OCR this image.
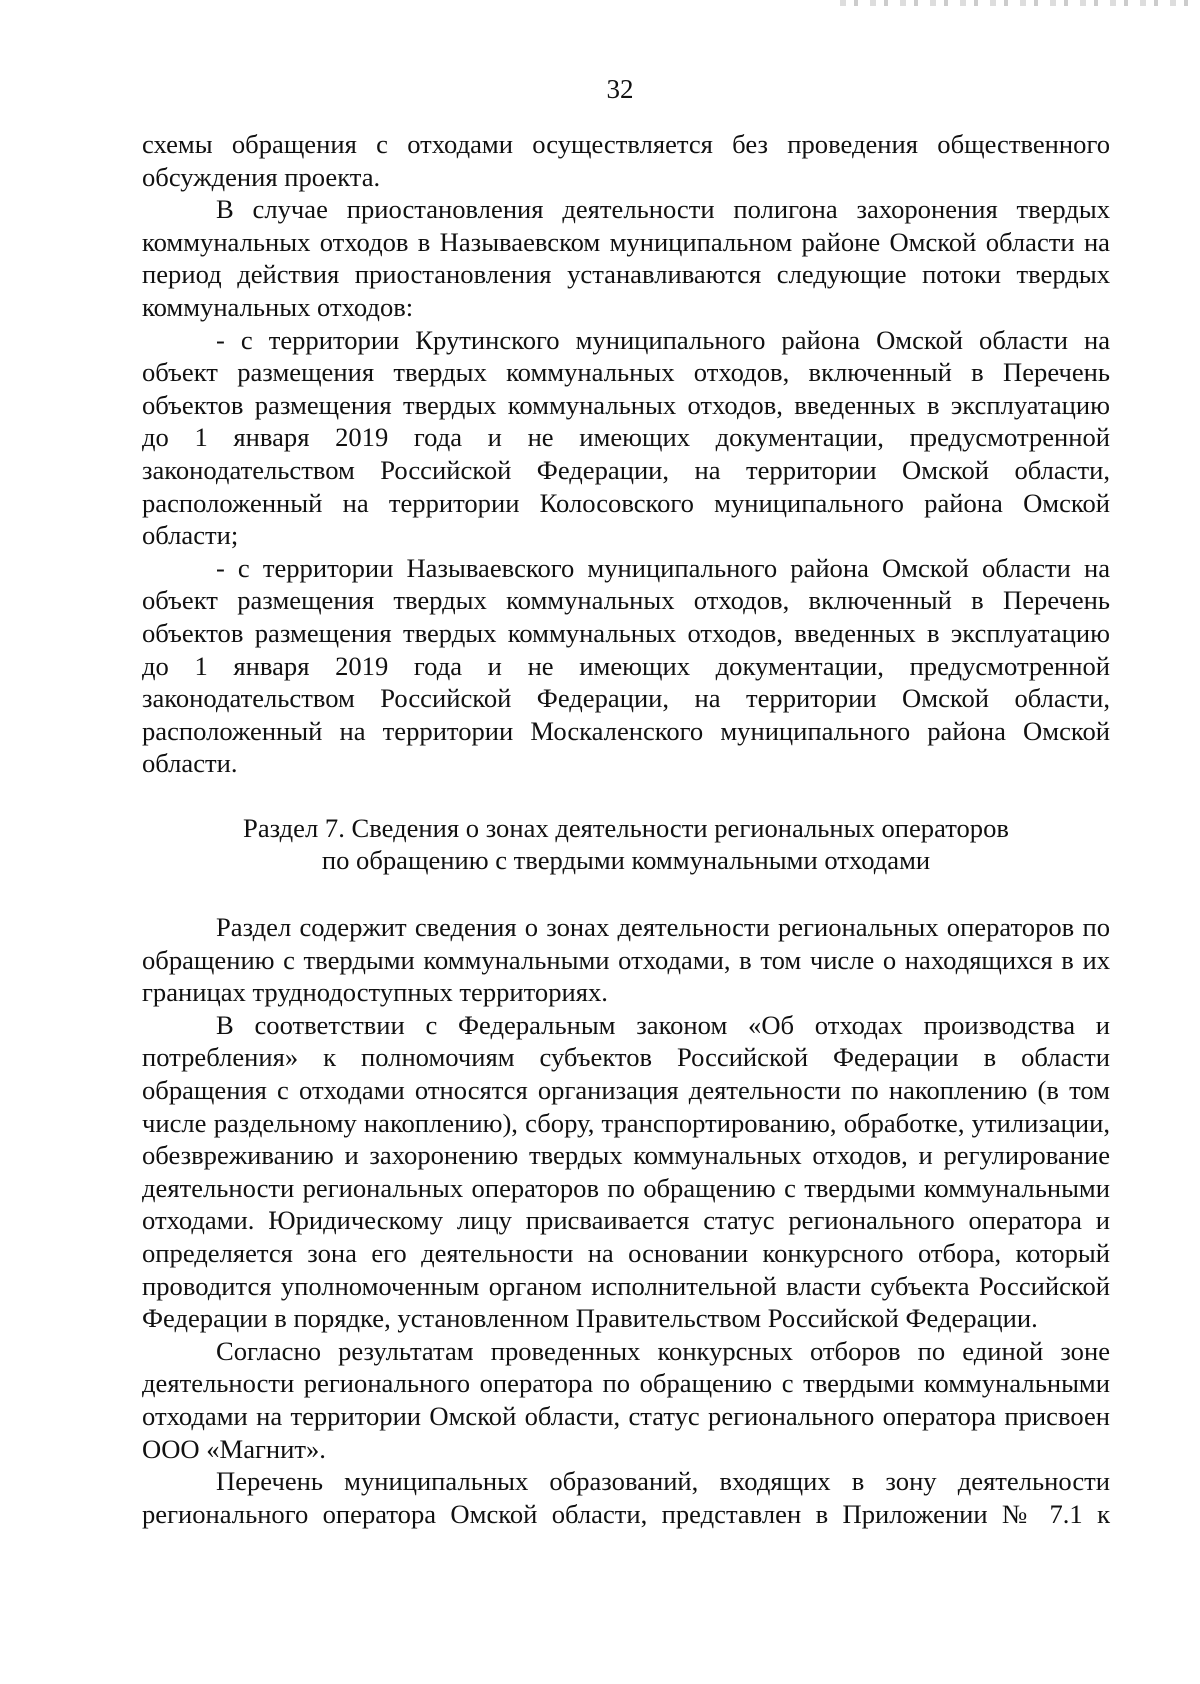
32

схемы обращения с отходами осуществляется без проведения общественного обсуждения проекта.

В случае приостановления деятельности полигона захоронения твердых коммунальных отходов в Называевском муниципальном районе Омской области на период действия приостановления устанавливаются следующие потоки твердых коммунальных отходов:

- с территории Крутинского муниципального района Омской области на объект размещения твердых коммунальных отходов, включенный в Перечень объектов размещения твердых коммунальных отходов, введенных в эксплуатацию до 1 января 2019 года и не имеющих документации, предусмотренной законодательством Российской Федерации, на территории Омской области, расположенный на территории Колосовского муниципального района Омской области;

- с территории Называевского муниципального района Омской области на объект размещения твердых коммунальных отходов, включенный в Перечень объектов размещения твердых коммунальных отходов, введенных в эксплуатацию до 1 января 2019 года и не имеющих документации, предусмотренной законодательством Российской Федерации, на территории Омской области, расположенный на территории Москаленского муниципального района Омской области.

Раздел 7. Сведения о зонах деятельности региональных операторов
по обращению с твердыми коммунальными отходами

Раздел содержит сведения о зонах деятельности региональных операторов по обращению с твердыми коммунальными отходами, в том числе о находящихся в их границах труднодоступных территориях.

В соответствии с Федеральным законом «Об отходах производства и потребления» к полномочиям субъектов Российской Федерации в области обращения с отходами относятся организация деятельности по накоплению (в том числе раздельному накоплению), сбору, транспортированию, обработке, утилизации, обезвреживанию и захоронению твердых коммунальных отходов, и регулирование деятельности региональных операторов по обращению с твердыми коммунальными отходами. Юридическому лицу присваивается статус регионального оператора и определяется зона его деятельности на основании конкурсного отбора, который проводится уполномоченным органом исполнительной власти субъекта Российской Федерации в порядке, установленном Правительством Российской Федерации.

Согласно результатам проведенных конкурсных отборов по единой зоне деятельности регионального оператора по обращению с твердыми коммунальными отходами на территории Омской области, статус регионального оператора присвоен ООО «Магнит».

Перечень муниципальных образований, входящих в зону деятельности регионального оператора Омской области, представлен в Приложении № 7.1 к
